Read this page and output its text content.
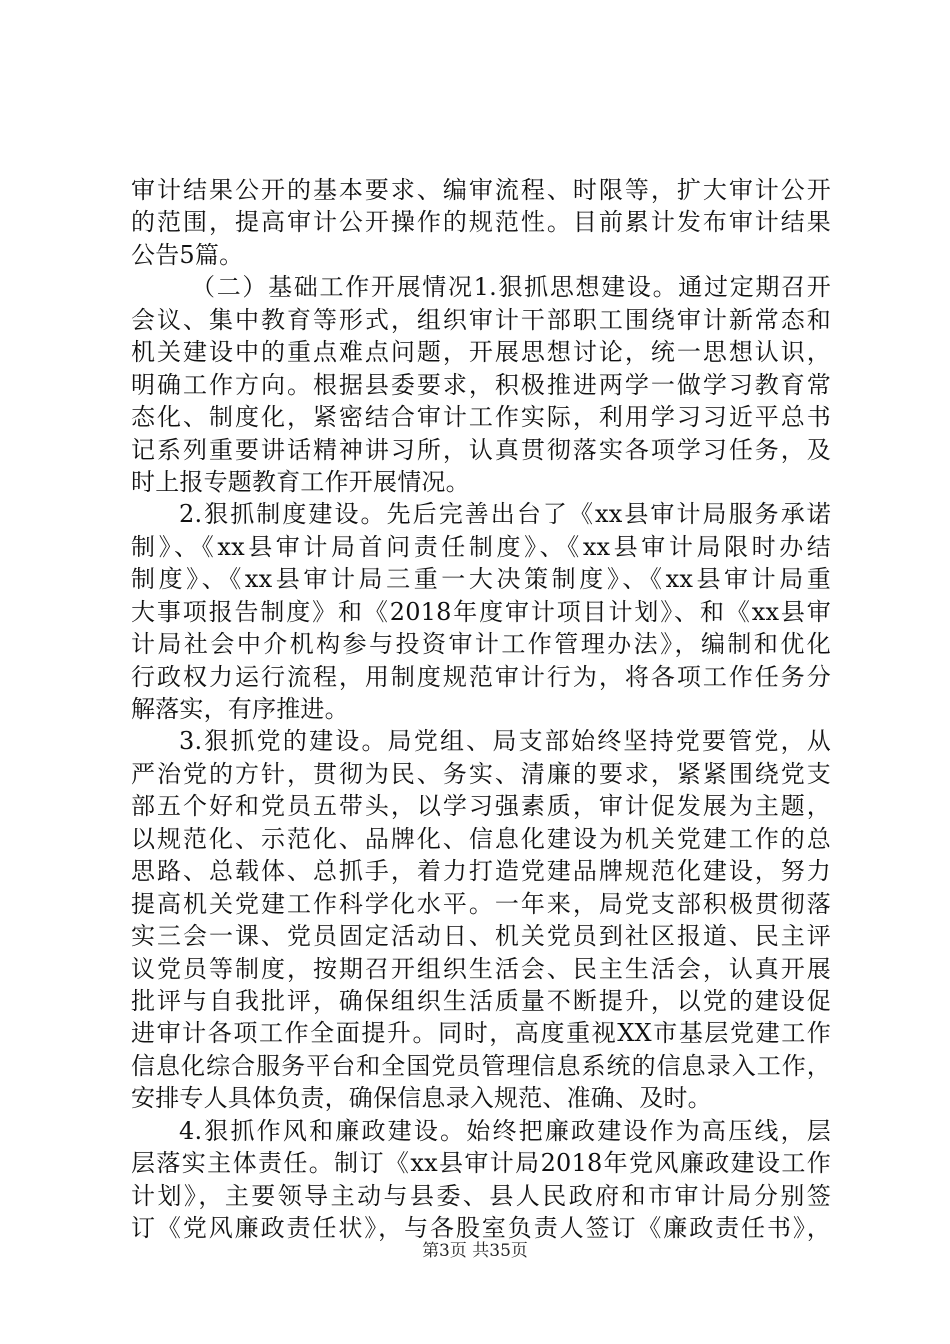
审计结果公开的基本要求、编审流程、时限等，扩大审计公开
的范围，提高审计公开操作的规范性。目前累计发布审计结果
公告5篇。
（二）基础工作开展情况1.狠抓思想建设。通过定期召开
会议、集中教育等形式，组织审计干部职工围绕审计新常态和
机关建设中的重点难点问题，开展思想讨论，统一思想认识，
明确工作方向。根据县委要求，积极推进两学一做学习教育常
态化、制度化，紧密结合审计工作实际，利用学习习近平总书
记系列重要讲话精神讲习所，认真贯彻落实各项学习任务，及
时上报专题教育工作开展情况。
2.狠抓制度建设。先后完善出台了《xx县审计局服务承诺
制》、《xx县审计局首问责任制度》、《xx县审计局限时办结
制度》、《xx县审计局三重一大决策制度》、《xx县审计局重
大事项报告制度》和《2018年度审计项目计划》、和《xx县审
计局社会中介机构参与投资审计工作管理办法》，编制和优化
行政权力运行流程，用制度规范审计行为，将各项工作任务分
解落实，有序推进。
3.狠抓党的建设。局党组、局支部始终坚持党要管党，从
严治党的方针，贯彻为民、务实、清廉的要求，紧紧围绕党支
部五个好和党员五带头，以学习强素质，审计促发展为主题，
以规范化、示范化、品牌化、信息化建设为机关党建工作的总
思路、总载体、总抓手，着力打造党建品牌规范化建设，努力
提高机关党建工作科学化水平。一年来，局党支部积极贯彻落
实三会一课、党员固定活动日、机关党员到社区报道、民主评
议党员等制度，按期召开组织生活会、民主生活会，认真开展
批评与自我批评，确保组织生活质量不断提升，以党的建设促
进审计各项工作全面提升。同时，高度重视XX市基层党建工作
信息化综合服务平台和全国党员管理信息系统的信息录入工作，
安排专人具体负责，确保信息录入规范、准确、及时。
4.狠抓作风和廉政建设。始终把廉政建设作为高压线，层
层落实主体责任。制订《xx县审计局2018年党风廉政建设工作
计划》，主要领导主动与县委、县人民政府和市审计局分别签
订《党风廉政责任状》，与各股室负责人签订《廉政责任书》，
第3页 共35页
